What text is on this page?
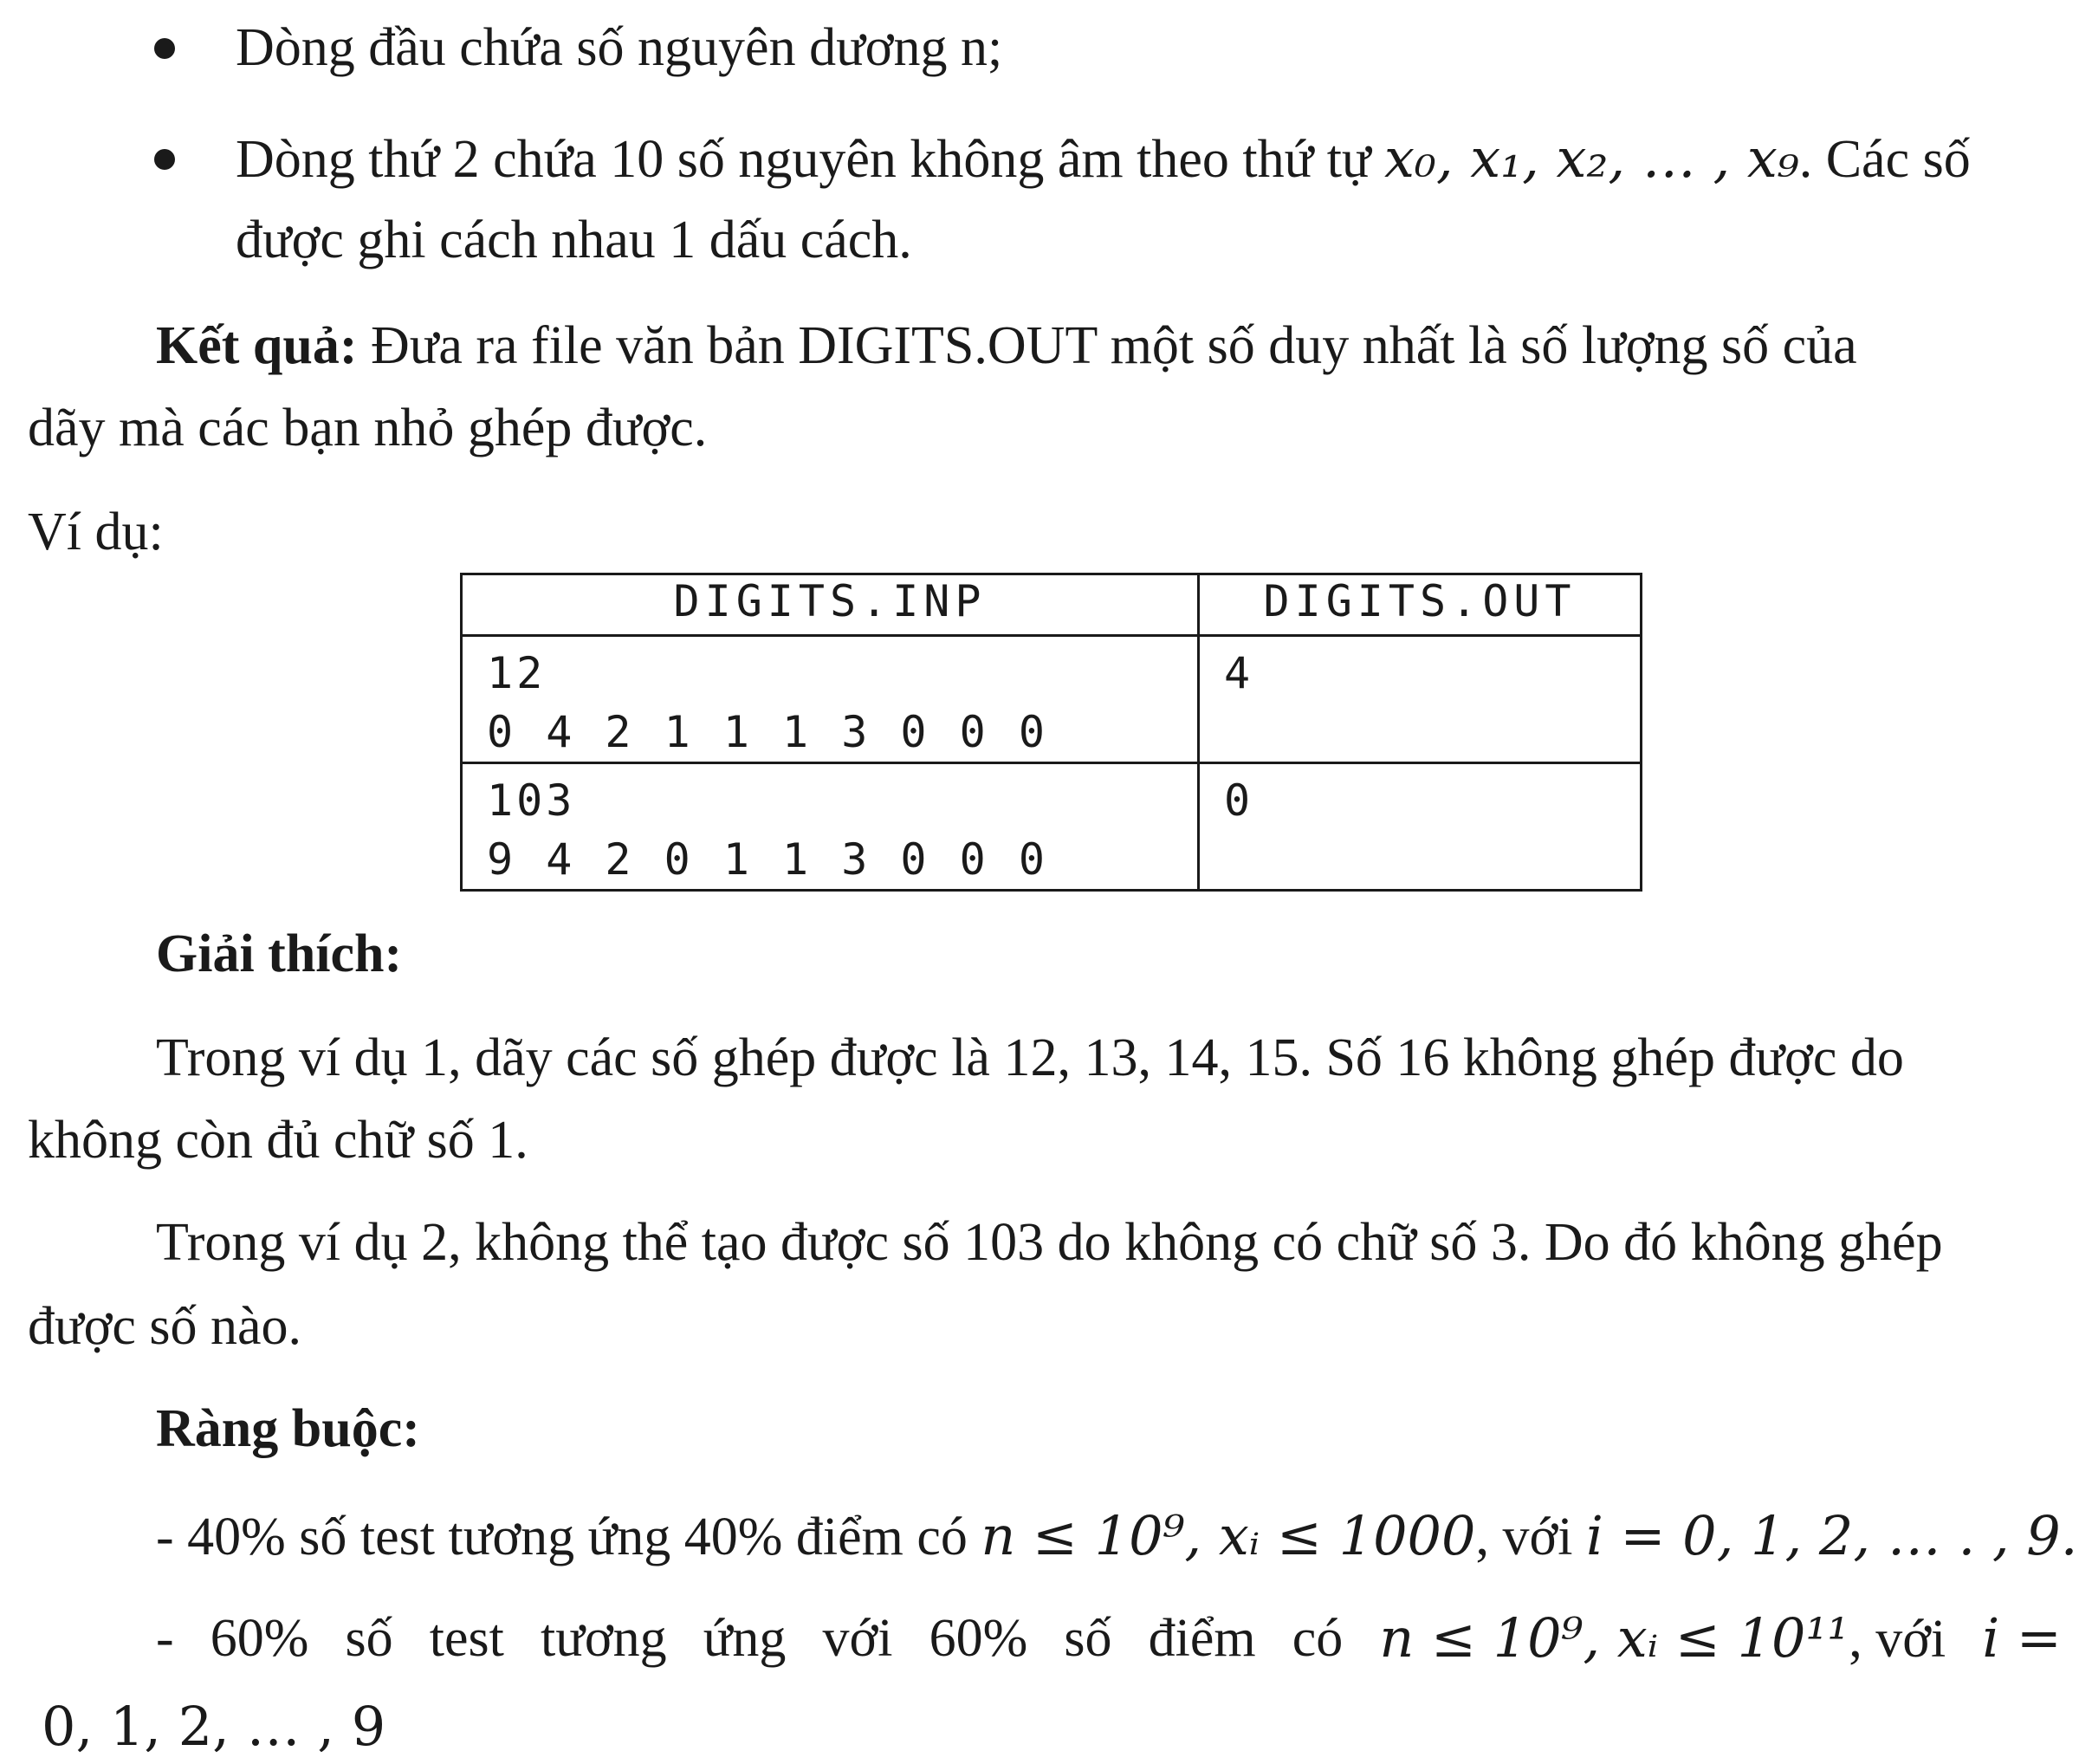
Dòng đầu chứa số nguyên dương n;
Dòng thứ 2 chứa 10 số nguyên không âm theo thứ tự x₀, x₁, x₂, … , x₉. Các số
được ghi cách nhau 1 dấu cách.
Kết quả: Đưa ra file văn bản DIGITS.OUT một số duy nhất là số lượng số của
dãy mà các bạn nhỏ ghép được.
Ví dụ:
DIGITS.INP	DIGITS.OUT

12
0 4 2 1 1 1 3 0 0 0	4

103
9 4 2 0 1 1 3 0 0 0	0
Giải thích:
Trong ví dụ 1, dãy các số ghép được là 12, 13, 14, 15. Số 16 không ghép được do
không còn đủ chữ số 1.
Trong ví dụ 2, không thể tạo được số 103 do không có chữ số 3. Do đó không ghép
được số nào.
Ràng buộc:
- 40% số test tương ứng 40% điểm có n ≤ 10⁹, xᵢ ≤ 1000, với i = 0, 1, 2, … . , 9.
- 60% số test tương ứng với 60% số điểm có n ≤ 10⁹, xᵢ ≤ 10¹¹, với i =
0, 1, 2, … , 9
